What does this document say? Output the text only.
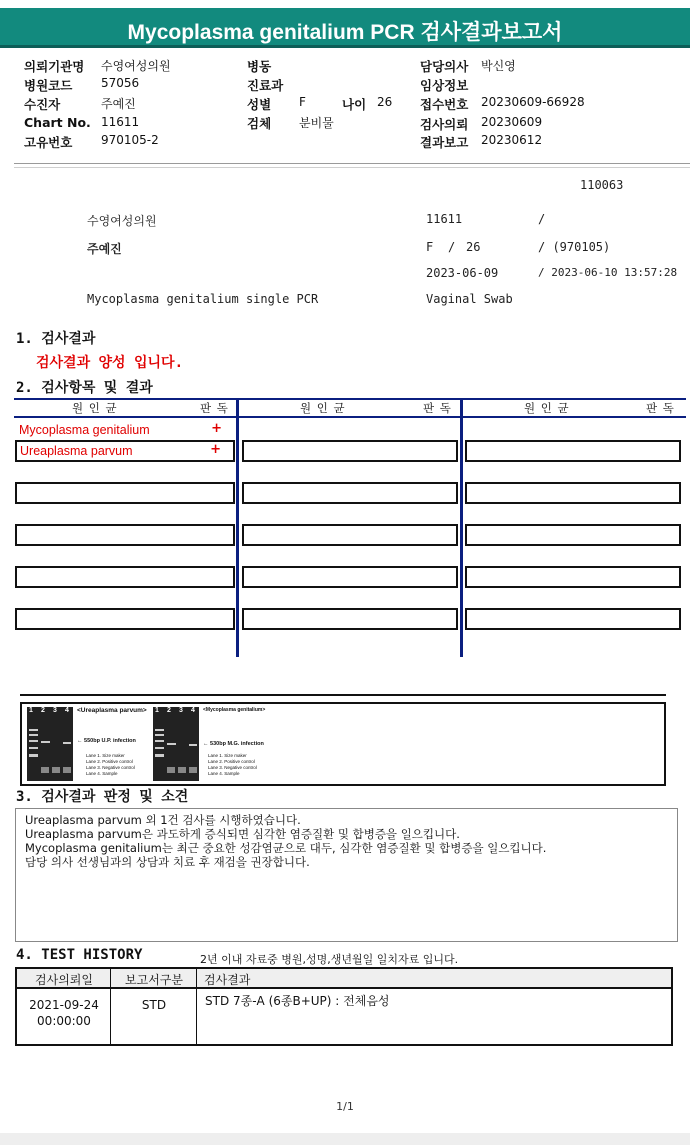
Mycoplasma genitalium PCR 검사결과보고서
의뢰기관명 수영여성의원
병원코드 57056
수진자	주예진
Chart No. 11611
고유번호 970105-2
병동
진료과
성별 F	나이 26
검체 분비물
담당의사 박신영
임상정보
접수번호 20230609-66928
검사의뢰 20230609
결과보고 20230612
110063
수영여성의원	11611	/
주예진	F / 26	/ (970105)
2023-06-09	/ 2023-06-10 13:57:28
Mycoplasma genitalium single PCR	Vaginal Swab
1. 검사결과
검사결과 양성 입니다.
2. 검사항목 및 결과
원 인 균	판 독	원 인 균	판 독	원 인 균	판 독
Mycoplasma genitalium	+
Ureaplasma parvum	+
1 2 3 4 <Ureaplasma parvum>
← 550bp U.P. infection
Lane 1. Size maker
Lane 2. Positive control
Lane 3. Negative control
Lane 4. Sample
1 2 3 4 <Mycoplasma genitalium>
← 530bp M.G. infection
Lane 1. Size maker
Lane 2. Positive control
Lane 3. Negative control
Lane 4. Sample
3. 검사결과 판정 및 소견
Ureaplasma parvum 외 1건 검사를 시행하였습니다.
Ureaplasma parvum은 과도하게 증식되면 심각한 염증질환 및 합병증을 일으킵니다.
Mycoplasma genitalium는 최근 중요한 성감염균으로 대두, 심각한 염증질환 및 합병증을 일으킵니다.
담당 의사 선생님과의 상담과 치료 후 재검을 권장합니다.
4. TEST HISTORY	2년 이내 자료중 병원,성명,생년월일 일치자료 입니다.
검사의뢰일	보고서구분	검사결과
2021-09-24
00:00:00
STD	STD 7종-A (6종B+UP) : 전체음성
1/1
